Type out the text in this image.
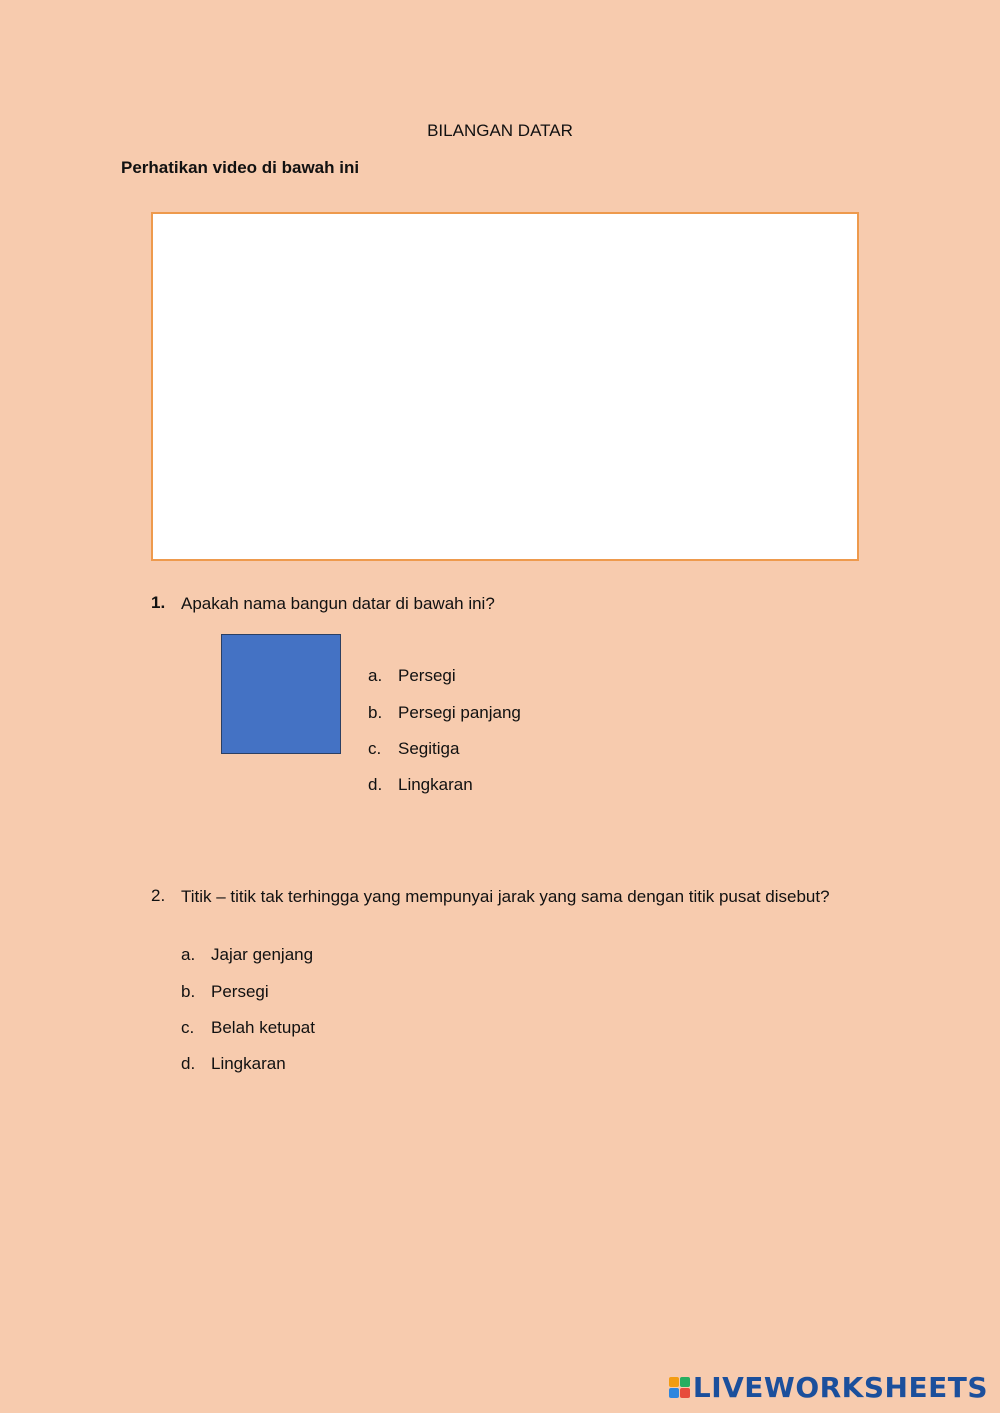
BILANGAN DATAR
Perhatikan video di bawah ini
1. Apakah nama bangun datar di bawah ini?
a. Persegi
b. Persegi panjang
c. Segitiga
d. Lingkaran
2. Titik – titik tak terhingga yang mempunyai jarak yang sama dengan titik pusat disebut?
a. Jajar genjang
b. Persegi
c. Belah ketupat
d. Lingkaran
LIVEWORKSHEETS
